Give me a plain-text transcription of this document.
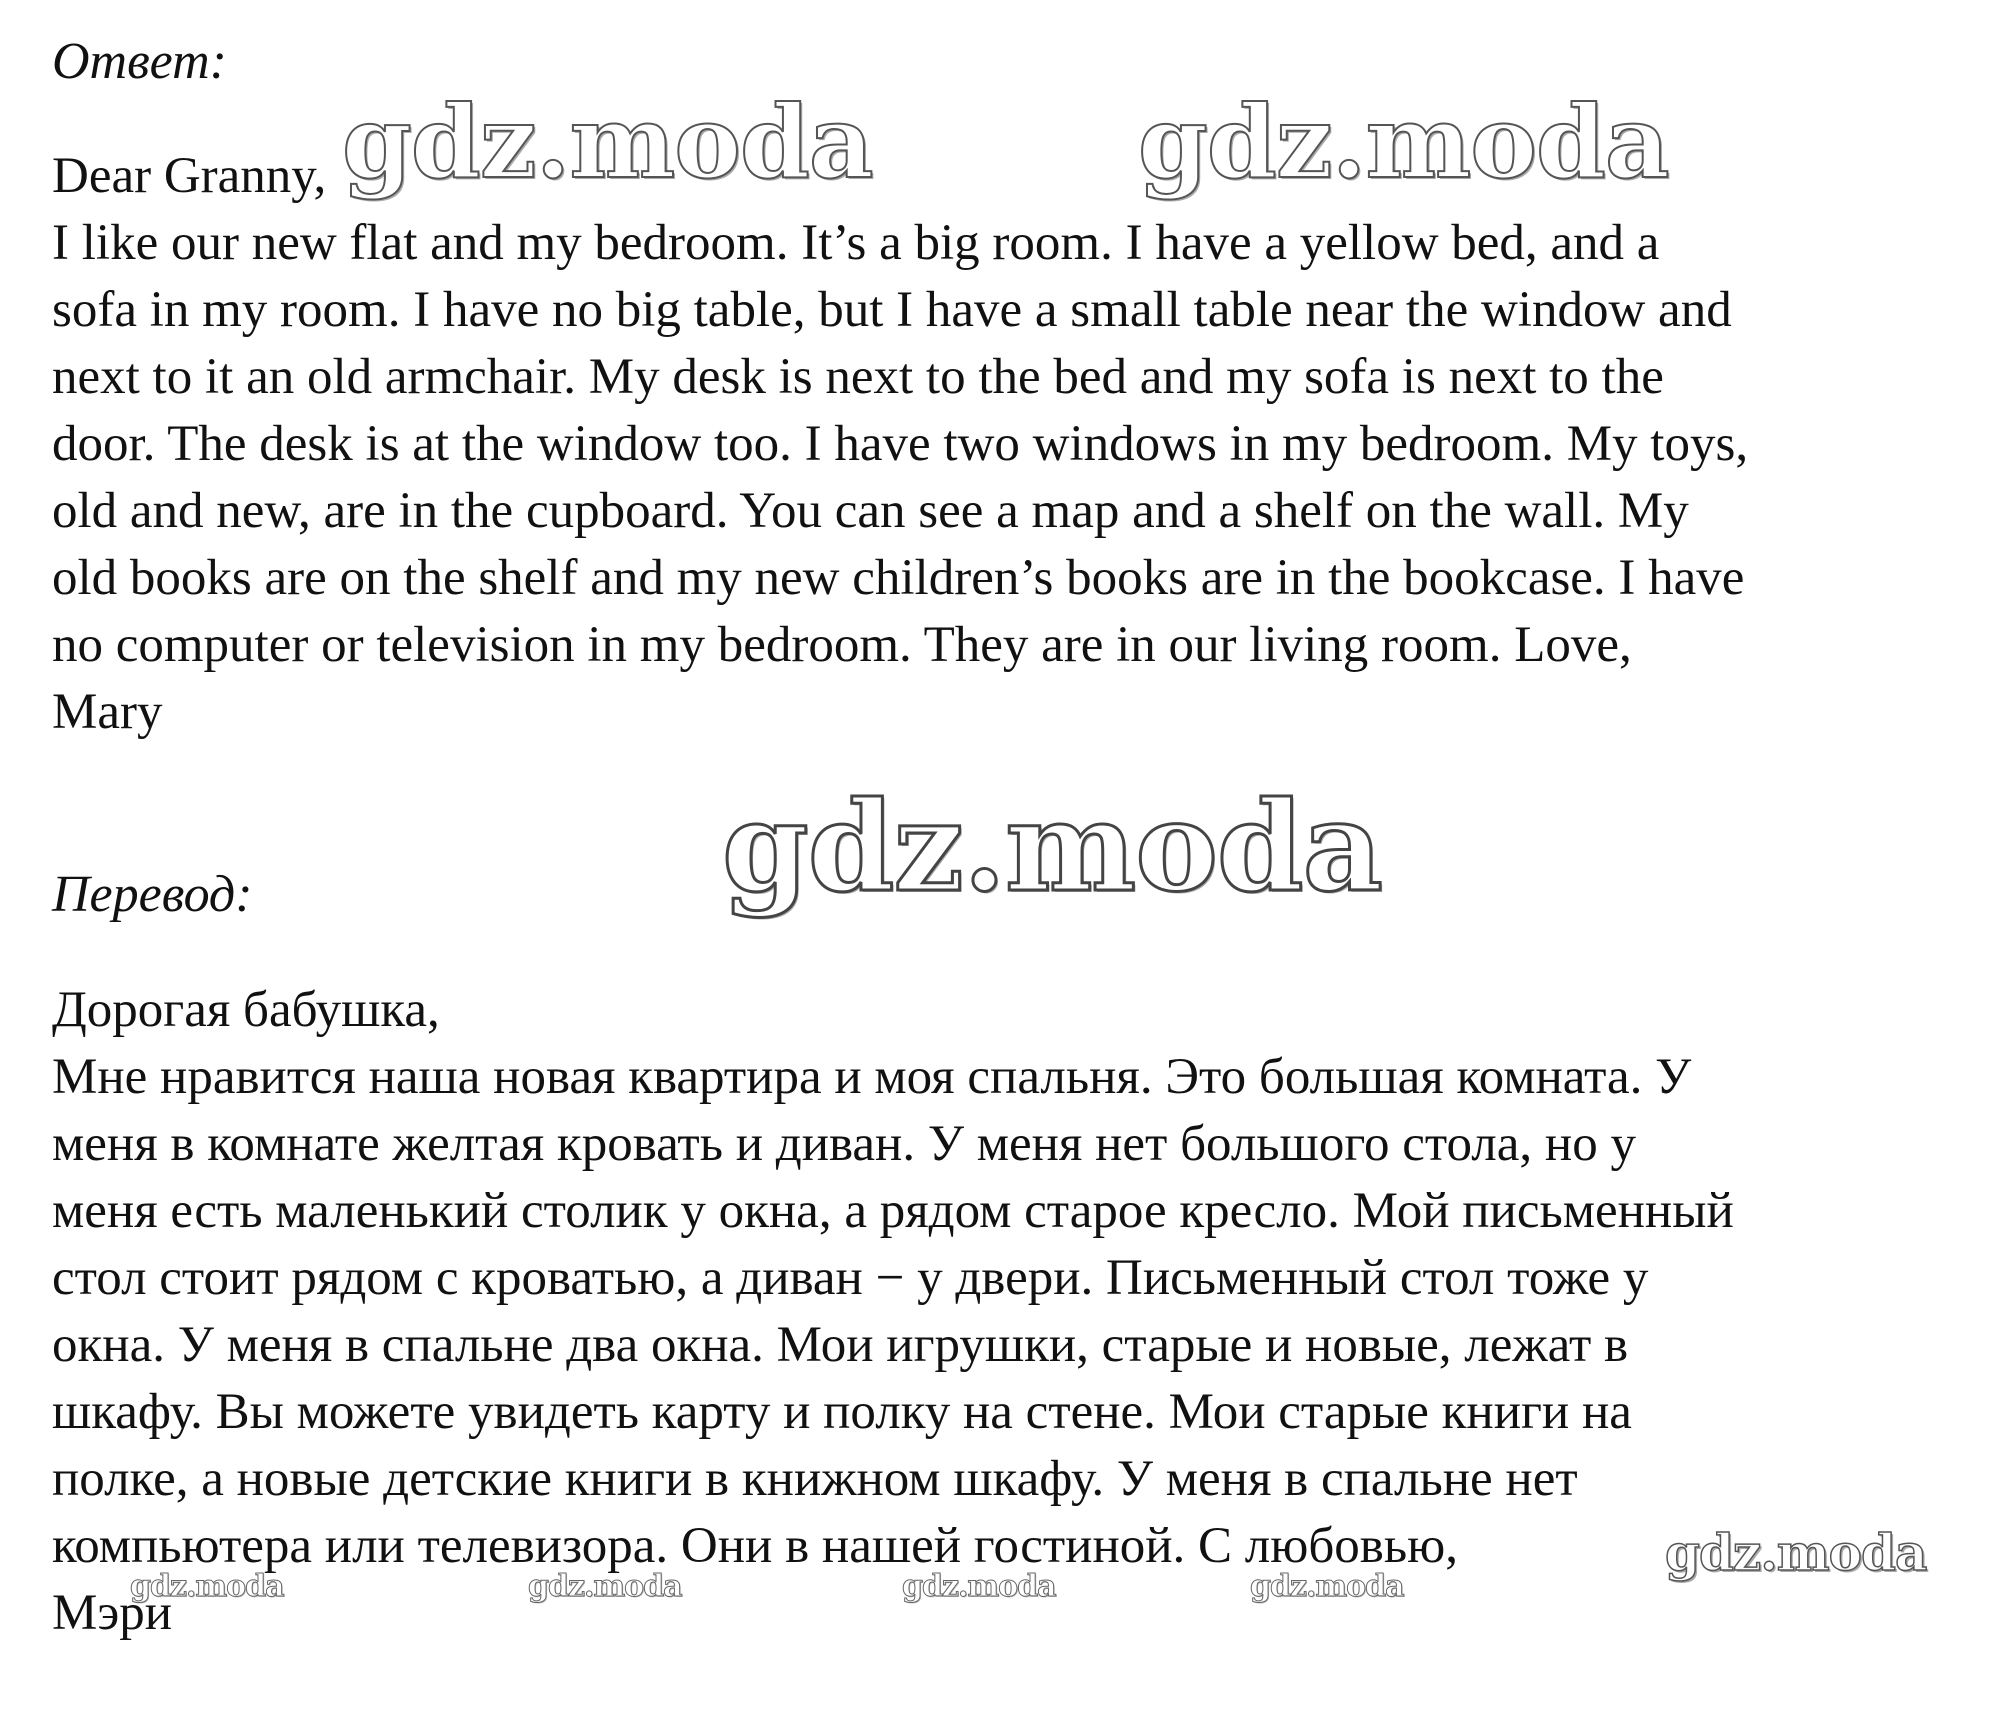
Ответ:
Dear Granny,
I like our new flat and my bedroom. It’s a big room. I have a yellow bed, and a
sofa in my room. I have no big table, but I have a small table near the window and
next to it an old armchair. My desk is next to the bed and my sofa is next to the
door. The desk is at the window too. I have two windows in my bedroom. My toys,
old and new, are in the cupboard. You can see a map and a shelf on the wall. My
old books are on the shelf and my new children’s books are in the bookcase. I have
no computer or television in my bedroom. They are in our living room. Love,
Mary
Перевод:
Дорогая бабушка,
Мне нравится наша новая квартира и моя спальня. Это большая комната. У
меня в комнате желтая кровать и диван. У меня нет большого стола, но у
меня есть маленький столик у окна, а рядом старое кресло. Мой письменный
стол стоит рядом с кроватью, а диван − у двери. Письменный стол тоже у
окна. У меня в спальне два окна. Мои игрушки, старые и новые, лежат в
шкафу. Вы можете увидеть карту и полку на стене. Мои старые книги на
полке, а новые детские книги в книжном шкафу. У меня в спальне нет
компьютера или телевизора. Они в нашей гостиной. С любовью,
Мэри
gdz.moda	gdz.moda
gdz.moda
gdz.moda
gdz.moda	gdz.moda	gdz.moda	gdz.moda
